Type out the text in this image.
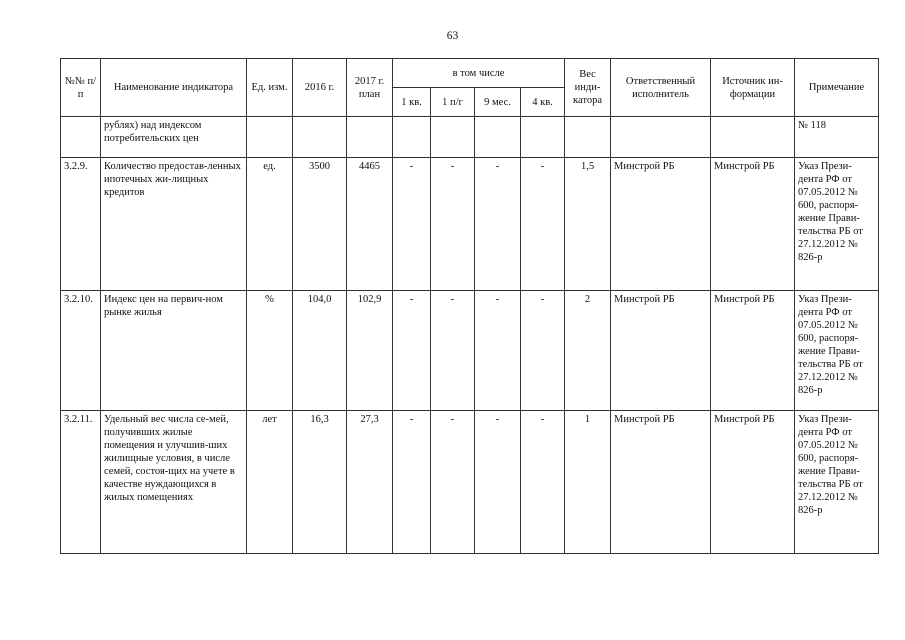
63
№№ п/п	Наименование индикатора	Ед. изм.	2016 г.	2017 г. план	в том числе				Вес инди-катора	Ответственный исполнитель	Источник ин-формации	Примечание
					1 кв.	1 п/г	9 мес.	4 кв.				
	рублях) над индексом потребительских цен											№ 118
3.2.9.	Количество предостав-ленных ипотечных жи-лищных кредитов	ед.	3500	4465	-	-	-	-	1,5	Минстрой РБ	Минстрой РБ	Указ Прези-дента РФ от 07.05.2012 № 600, распоря-жение Прави-тельства РБ от 27.12.2012 № 826-р
3.2.10.	Индекс цен на первич-ном рынке жилья	%	104,0	102,9	-	-	-	-	2	Минстрой РБ	Минстрой РБ	Указ Прези-дента РФ от 07.05.2012 № 600, распоря-жение Прави-тельства РБ от 27.12.2012 № 826-р
3.2.11.	Удельный вес числа се-мей, получивших жилые помещения и улучшив-ших жилищные условия, в числе семей, состоя-щих на учете в качестве нуждающихся в жилых помещениях	лет	16,3	27,3	-	-	-	-	1	Минстрой РБ	Минстрой РБ	Указ Прези-дента РФ от 07.05.2012 № 600, распоря-жение Прави-тельства РБ от 27.12.2012 № 826-р
